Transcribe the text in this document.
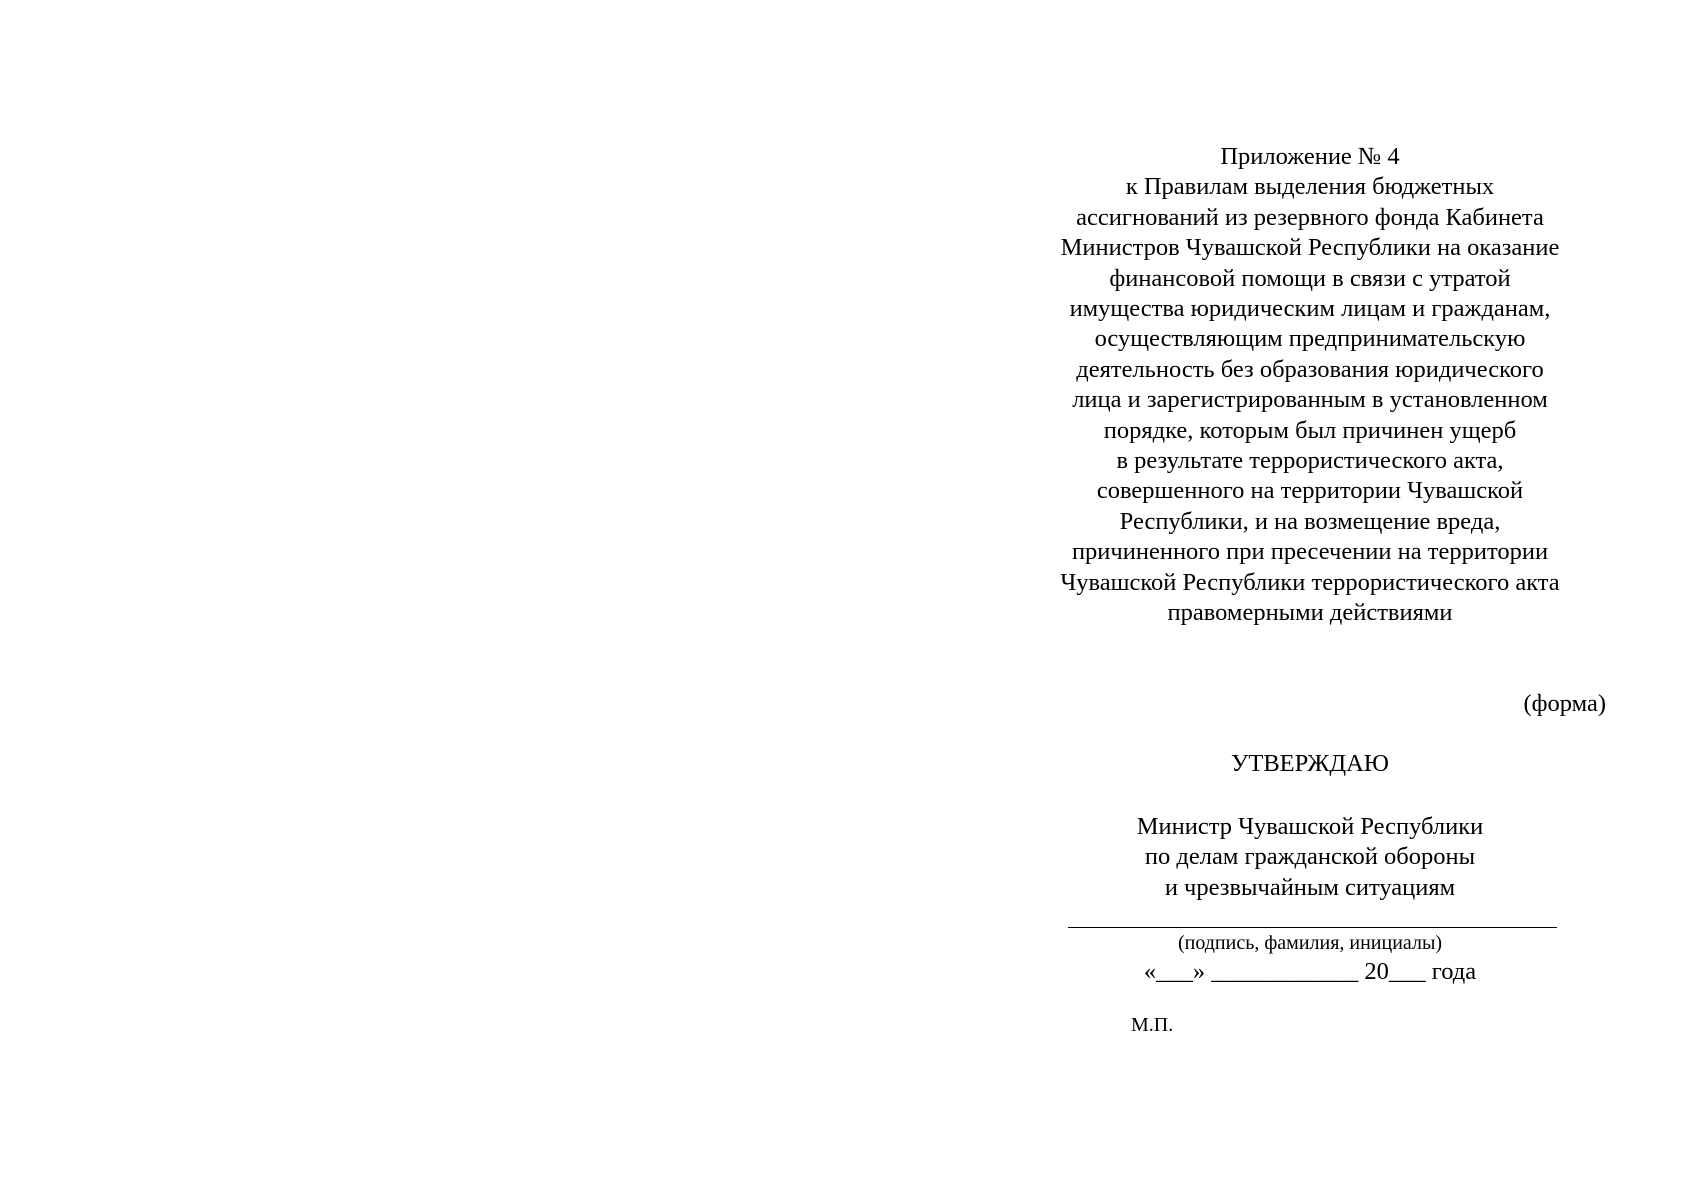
Приложение № 4
к Правилам выделения бюджетных
ассигнований из резервного фонда Кабинета
Министров Чувашской Республики на оказание
финансовой помощи в связи с утратой
имущества юридическим лицам и гражданам,
осуществляющим предпринимательскую
деятельность без образования юридического
лица и зарегистрированным в установленном
порядке, которым был причинен ущерб
в результате террористического акта,
совершенного на территории Чувашской
Республики, и на возмещение вреда,
причиненного при пресечении на территории
Чувашской Республики террористического акта
правомерными действиями
(форма)
УТВЕРЖДАЮ
Министр Чувашской Республики
по делам гражданской обороны
и чрезвычайным ситуациям
(подпись, фамилия, инициалы)
«___» ____________ 20___ года
М.П.
